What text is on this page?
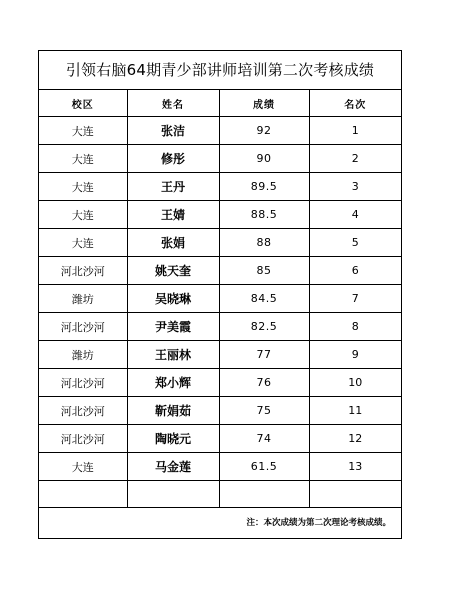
引领右脑64期青少部讲师培训第二次考核成绩
校区	姓名	成绩	名次
大连	张洁	92	1
大连	修彤	90	2
大连	王丹	89.5	3
大连	王婧	88.5	4
大连	张娟	88	5
河北沙河	姚天奎	85	6
潍坊	吴晓琳	84.5	7
河北沙河	尹美霞	82.5	8
潍坊	王丽林	77	9
河北沙河	郑小辉	76	10
河北沙河	靳娟茹	75	11
河北沙河	陶晓元	74	12
大连	马金莲	61.5	13

注：本次成绩为第二次理论考核成绩。
